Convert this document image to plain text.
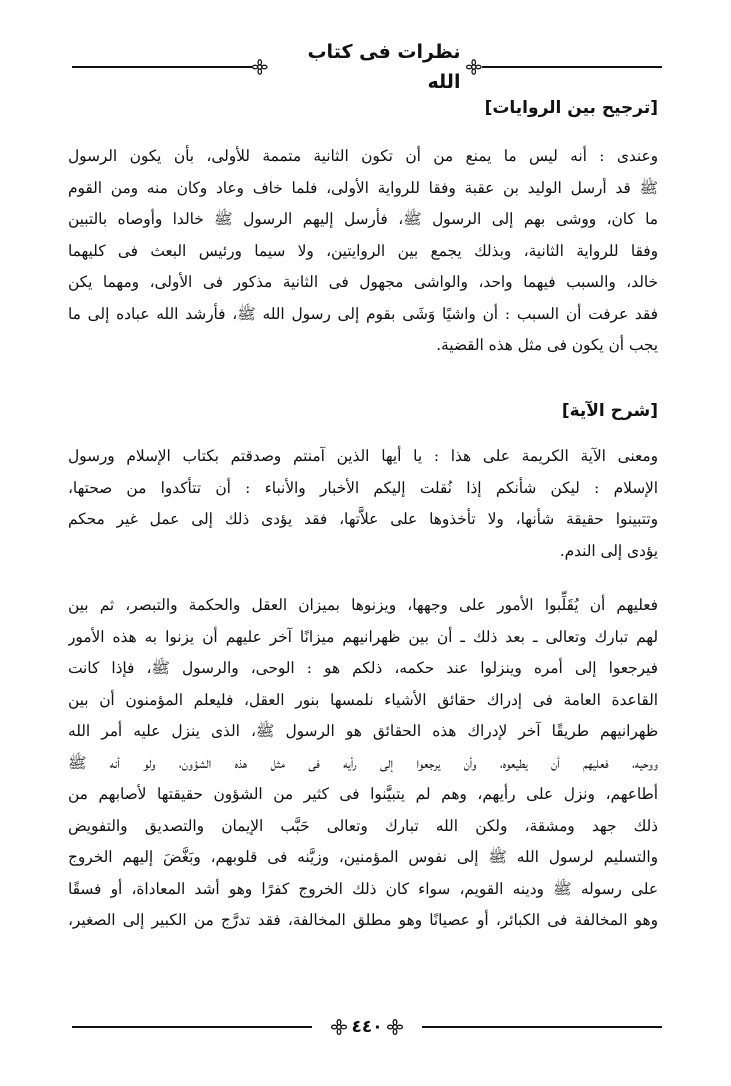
نظرات فى كتاب الله
[ترجيح بين الروايات]
وعندى : أنه ليس ما يمنع من أن تكون الثانية متممة للأولى، بأن يكون الرسول
ﷺ قد أرسل الوليد بن عقبة وفقا للرواية الأولى، فلما خاف وعاد وكان منه ومن القوم
ما كان، ووشى بهم إلى الرسول ﷺ، فأرسل إليهم الرسول ﷺ خالدا وأوصاه بالتبين
وفقا للرواية الثانية، وبذلك يجمع بين الروايتين، ولا سيما ورئيس البعث فى كليهما
خالد، والسبب فيهما واحد، والواشى مجهول فى الثانية مذكور فى الأولى، ومهما يكن
فقد عرفت أن السبب : أن واشيًا وَشَى بقوم إلى رسول الله ﷺ، فأرشد الله عباده إلى ما
يجب أن يكون فى مثل هذه القضية.
[شرح الآية]
ومعنى الآية الكريمة على هذا : يا أيها الذين آمنتم وصدقتم بكتاب الإسلام ورسول
الإسلام : ليكن شأنكم إذا نُقلت إليكم الأخبار والأنباء : أن تتأكدوا من صحتها،
وتتبينوا حقيقة شأنها، ولا تأخذوها على علاَّتها، فقد يؤدى ذلك إلى عمل غير محكم
يؤدى إلى الندم.
فعليهم أن يُقَلِّبوا الأمور على وجهها، ويزنوها بميزان العقل والحكمة والتبصر، ثم بين
لهم تبارك وتعالى ـ بعد ذلك ـ أن بين ظهرانيهم ميزانًا آخر عليهم أن يزنوا به هذه الأمور
فيرجعوا إلى أمره وينزلوا عند حكمه، ذلكم هو : الوحى، والرسول ﷺ، فإذا كانت
القاعدة العامة فى إدراك حقائق الأشياء نلمسها بنور العقل، فليعلم المؤمنون أن بين
ظهرانيهم طريقًا آخر لإدراك هذه الحقائق هو الرسول ﷺ، الذى ينزل عليه أمر الله
ووحيه، فعليهم أن يطيعوه، وأن يرجعوا إلى رأيه فى مثل هذه الشؤون، ولو أنه ﷺ
أطاعهم، ونزل على رأيهم، وهم لم يتبيَّنوا فى كثير من الشؤون حقيقتها لأصابهم من
ذلك جهد ومشقة، ولكن الله تبارك وتعالى حَبَّب الإيمان والتصديق والتفويض
والتسليم لرسول الله ﷺ إلى نفوس المؤمنين، وزيَّنه فى قلوبهم، وبَغَّضَ إليهم الخروج
على رسوله ﷺ ودينه القويم، سواء كان ذلك الخروج كفرًا وهو أشد المعاداة، أو فسقًا
وهو المخالفة فى الكبائر، أو عصيانًا وهو مطلق المخالفة، فقد تدرَّج من الكبير إلى الصغير،
٤٤٠
